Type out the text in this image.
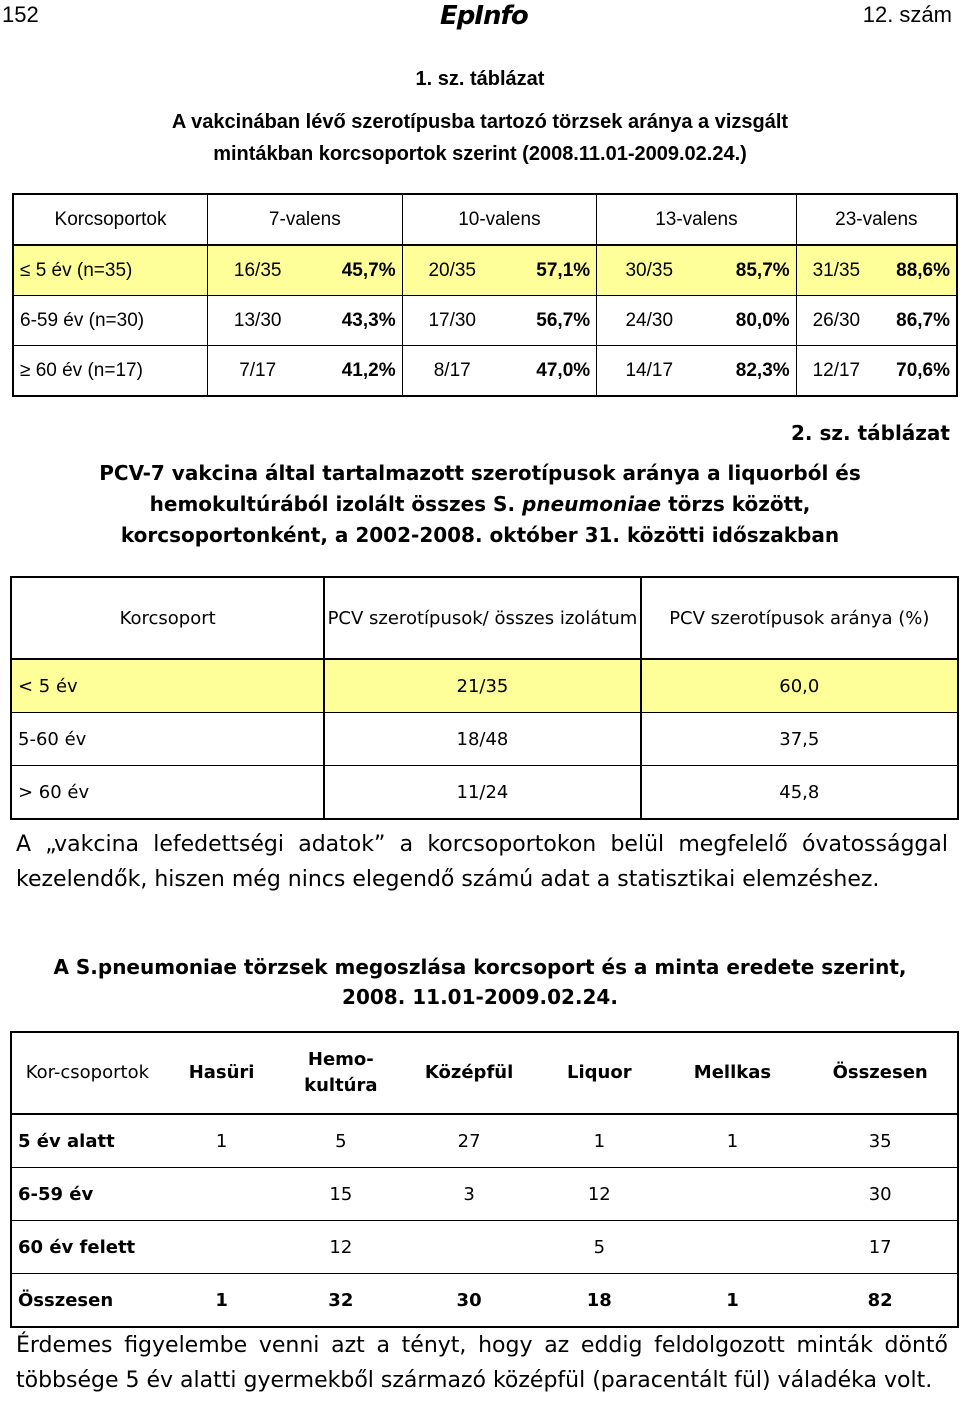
152	EpInfo	12. szám
1. sz. táblázat
A vakcinában lévő szerotípusba tartozó törzsek aránya a vizsgált
mintákban korcsoportok szerint (2008.11.01-2009.02.24.)
Korcsoportok	7-valens		10-valens		13-valens		23-valens	
≤ 5 év (n=35)	16/35	45,7%	20/35	57,1%	30/35	85,7%	31/35	88,6%
6-59 év (n=30)	13/30	43,3%	17/30	56,7%	24/30	80,0%	26/30	86,7%
≥ 60 év (n=17)	7/17	41,2%	8/17	47,0%	14/17	82,3%	12/17	70,6%
2. sz. táblázat
PCV-7 vakcina által tartalmazott szerotípusok aránya a liquorból és
hemokultúrából izolált összes S. pneumoniae törzs között,
korcsoportonként, a 2002-2008. október 31. közötti időszakban
Korcsoport	PCV szerotípusok/ összes izolátum	PCV szerotípusok aránya (%)
< 5 év	21/35	60,0
5-60 év	18/48	37,5
> 60 év	11/24	45,8
A „vakcina lefedettségi adatok” a korcsoportokon belül megfelelő óvatossággal kezelendők, hiszen még nincs elegendő számú adat a statisztikai elemzéshez.
A S.pneumoniae törzsek megoszlása korcsoport és a minta eredete szerint,
2008. 11.01-2009.02.24.
Kor-csoportok	Hasüri	Hemo-kultúra	Középfül	Liquor	Mellkas	Összesen
5 év alatt	1	5	27	1	1	35
6-59 év		15	3	12		30
60 év felett		12		5		17
Összesen	1	32	30	18	1	82
Érdemes figyelembe venni azt a tényt, hogy az eddig feldolgozott minták döntő többsége 5 év alatti gyermekből származó középfül (paracentált fül) váladéka volt.
